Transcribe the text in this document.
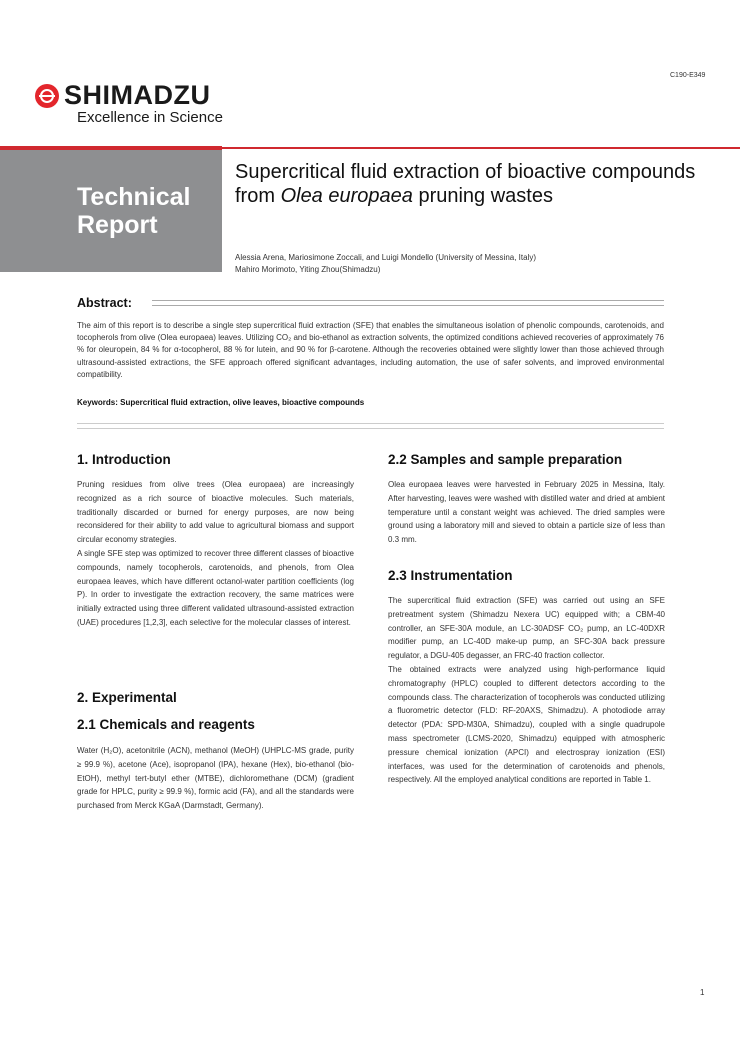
C190-E349
SHIMADZU
Excellence in Science
Technical
Report
Supercritical fluid extraction of bioactive compounds from Olea europaea pruning wastes
Alessia Arena, Mariosimone Zoccali, and Luigi Mondello (University of Messina, Italy)
Mahiro Morimoto, Yiting Zhou(Shimadzu)
Abstract:
The aim of this report is to describe a single step supercritical fluid extraction (SFE) that enables the simultaneous isolation of phenolic compounds, carotenoids, and tocopherols from olive (Olea europaea) leaves. Utilizing CO₂ and bio-ethanol as extraction solvents, the optimized conditions achieved recoveries of approximately 76 % for oleuropein, 84 % for α-tocopherol, 88 % for lutein, and 90 % for β-carotene. Although the recoveries obtained were slightly lower than those achieved through ultrasound-assisted extractions, the SFE approach offered significant advantages, including automation, the use of safer solvents, and improved environmental compatibility.
Keywords: Supercritical fluid extraction, olive leaves, bioactive compounds
1. Introduction

Pruning residues from olive trees (Olea europaea) are increasingly recognized as a rich source of bioactive molecules. Such materials, traditionally discarded or burned for energy purposes, are now being reconsidered for their ability to add value to agricultural biomass and support circular economy strategies.

A single SFE step was optimized to recover three different classes of bioactive compounds, namely tocopherols, carotenoids, and phenols, from Olea europaea leaves, which have different octanol-water partition coefficients (log P). In order to investigate the extraction recovery, the same matrices were initially extracted using three different validated ultrasound-assisted extraction (UAE) procedures [1,2,3], each selective for the molecular classes of interest.

2. Experimental
2.1 Chemicals and reagents

Water (H₂O), acetonitrile (ACN), methanol (MeOH) (UHPLC-MS grade, purity ≥ 99.9 %), acetone (Ace), isopropanol (IPA), hexane (Hex), bio-ethanol (bio-EtOH), methyl tert-butyl ether (MTBE), dichloromethane (DCM) (gradient grade for HPLC, purity ≥ 99.9 %), formic acid (FA), and all the standards were purchased from Merck KGaA (Darmstadt, Germany).

2.2 Samples and sample preparation

Olea europaea leaves were harvested in February 2025 in Messina, Italy. After harvesting, leaves were washed with distilled water and dried at ambient temperature until a constant weight was achieved. The dried samples were ground using a laboratory mill and sieved to obtain a particle size of less than 0.3 mm.

2.3 Instrumentation

The supercritical fluid extraction (SFE) was carried out using an SFE pretreatment system (Shimadzu Nexera UC) equipped with; a CBM-40 controller, an SFE-30A module, an LC-30ADSF CO₂ pump, an LC-40DXR modifier pump, an LC-40D make-up pump, an SFC-30A back pressure regulator, a DGU-405 degasser, an FRC-40 fraction collector.

The obtained extracts were analyzed using high-performance liquid chromatography (HPLC) coupled to different detectors according to the compounds class. The characterization of tocopherols was conducted utilizing a fluorometric detector (FLD: RF-20AXS, Shimadzu). A photodiode array detector (PDA: SPD-M30A, Shimadzu), coupled with a single quadrupole mass spectrometer (LCMS-2020, Shimadzu) equipped with atmospheric pressure chemical ionization (APCI) and electrospray ionization (ESI) interfaces, was used for the determination of carotenoids and phenols, respectively. All the employed analytical conditions are reported in Table 1.

1
